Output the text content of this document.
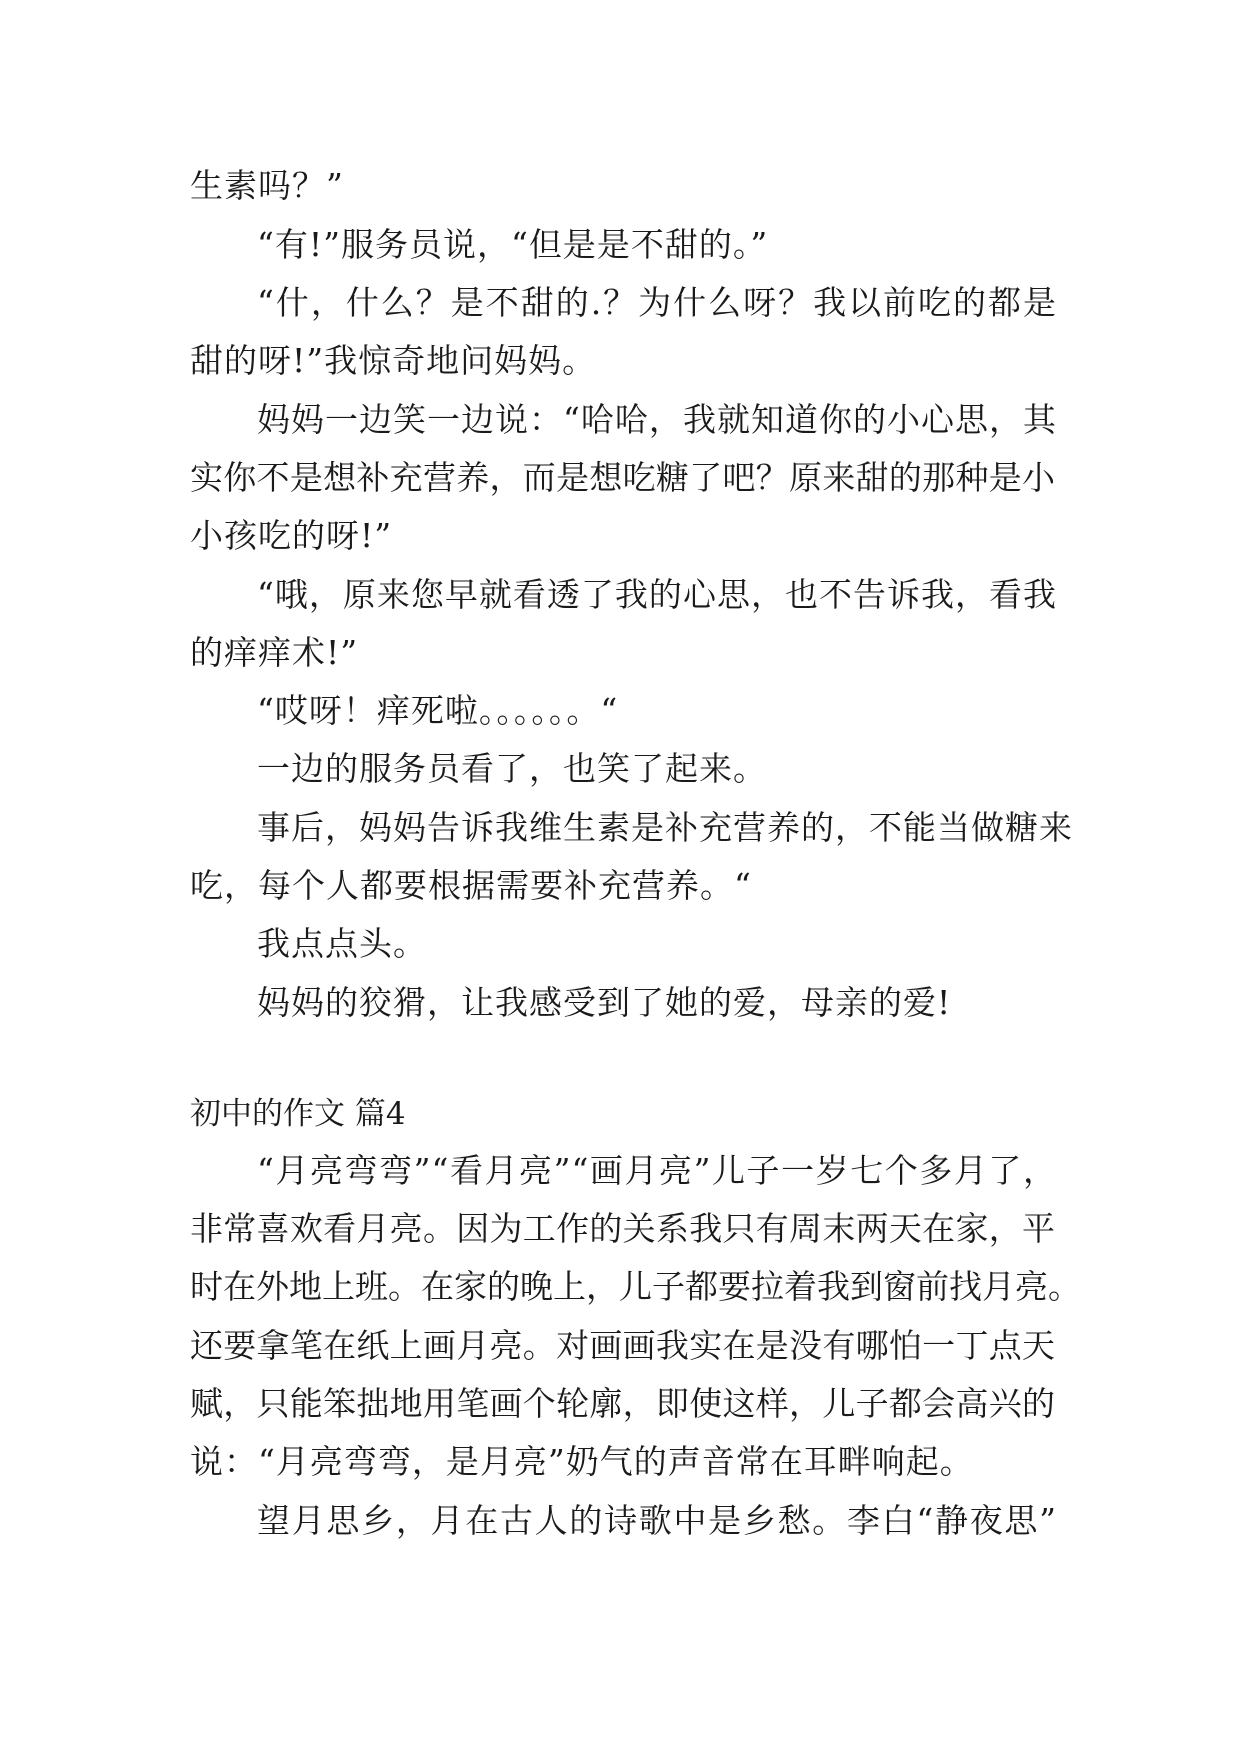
生素吗？”
“有!”服务员说，“但是是不甜的。”
“什，什么？是不甜的.？为什么呀？我以前吃的都是
甜的呀!”我惊奇地问妈妈。
妈妈一边笑一边说：“哈哈，我就知道你的小心思，其
实你不是想补充营养，而是想吃糖了吧？原来甜的那种是小
小孩吃的呀!”
“哦，原来您早就看透了我的心思，也不告诉我，看我
的痒痒术!”
“哎呀！痒死啦。。。。。。“
一边的服务员看了，也笑了起来。
事后，妈妈告诉我维生素是补充营养的，不能当做糖来
吃，每个人都要根据需要补充营养。“
我点点头。
妈妈的狡猾，让我感受到了她的爱，母亲的爱!
初中的作文 篇4
“月亮弯弯”“看月亮”“画月亮”儿子一岁七个多月了，
非常喜欢看月亮。因为工作的关系我只有周末两天在家，平
时在外地上班。在家的晚上，儿子都要拉着我到窗前找月亮。
还要拿笔在纸上画月亮。对画画我实在是没有哪怕一丁点天
赋，只能笨拙地用笔画个轮廓，即使这样，儿子都会高兴的
说：“月亮弯弯，是月亮”奶气的声音常在耳畔响起。
望月思乡，月在古人的诗歌中是乡愁。李白“静夜思”
